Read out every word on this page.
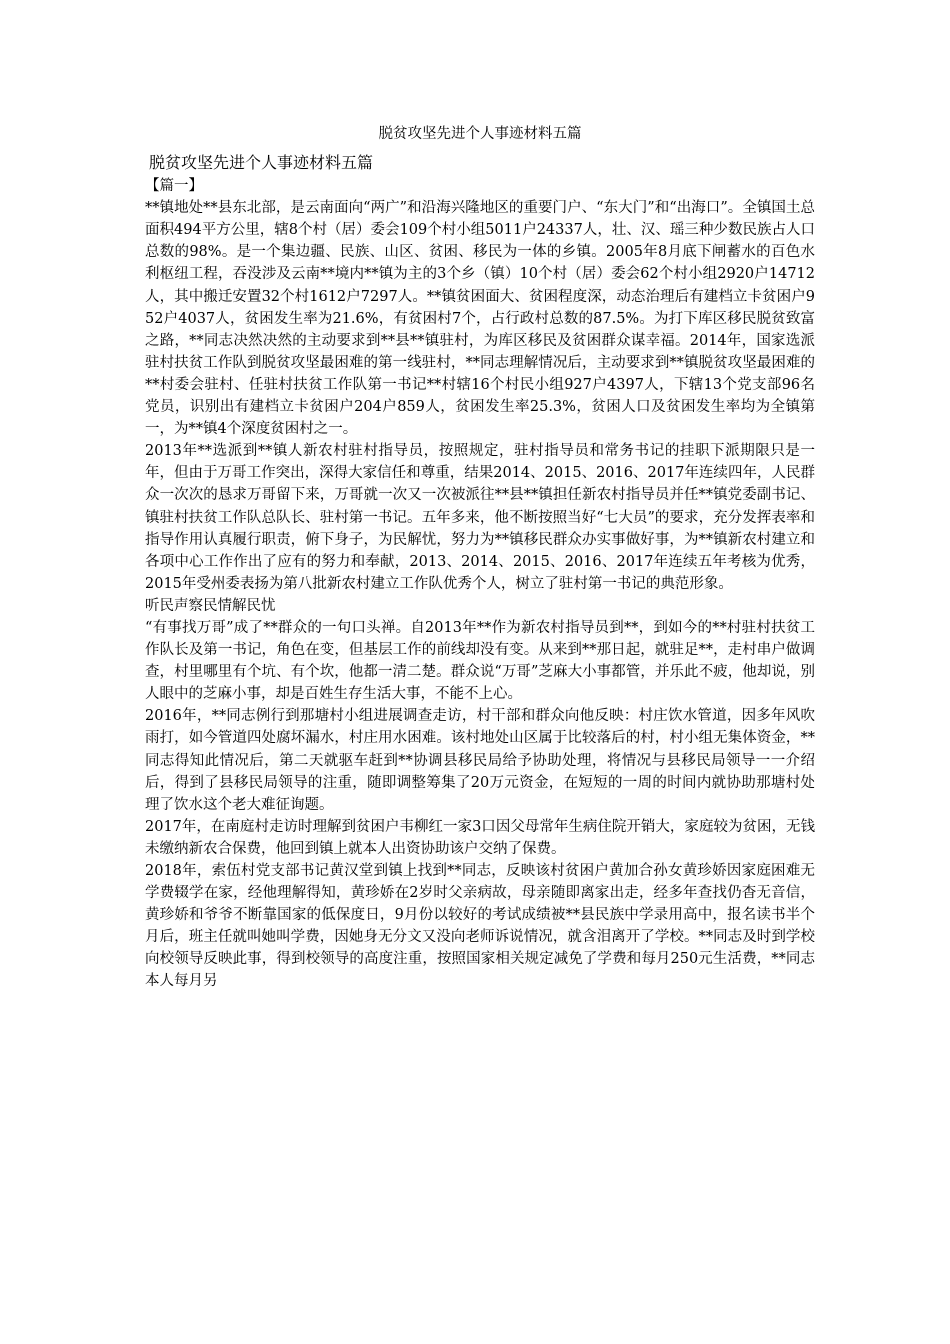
脱贫攻坚先进个人事迹材料五篇
脱贫攻坚先进个人事迹材料五篇
【篇一】

**镇地处**县东北部，是云南面向“两广”和沿海兴隆地区的重要门户、“东大门”和“出海口”。全镇国土总面积494平方公里，辖8个村（居）委会109个村小组5011户24337人，壮、汉、瑶三种少数民族占人口总数的98%。是一个集边疆、民族、山区、贫困、移民为一体的乡镇。2005年8月底下闸蓄水的百色水利枢纽工程，吞没涉及云南**境内**镇为主的3个乡（镇）10个村（居）委会62个村小组2920户14712人，其中搬迁安置32个村1612户7297人。**镇贫困面大、贫困程度深，动态治理后有建档立卡贫困户952户4037人，贫困发生率为21.6%，有贫困村7个，占行政村总数的87.5%。为打下库区移民脱贫致富之路，**同志决然决然的主动要求到**县**镇驻村，为库区移民及贫困群众谋幸福。2014年，国家选派驻村扶贫工作队到脱贫攻坚最困难的第一线驻村，**同志理解情况后，主动要求到**镇脱贫攻坚最困难的**村委会驻村、任驻村扶贫工作队第一书记**村辖16个村民小组927户4397人，下辖13个党支部96名党员，识别出有建档立卡贫困户204户859人，贫困发生率25.3%，贫困人口及贫困发生率均为全镇第一，为**镇4个深度贫困村之一。

2013年**选派到**镇人新农村驻村指导员，按照规定，驻村指导员和常务书记的挂职下派期限只是一年，但由于万哥工作突出，深得大家信任和尊重，结果2014、2015、2016、2017年连续四年，人民群众一次次的恳求万哥留下来，万哥就一次又一次被派往**县**镇担任新农村指导员并任**镇党委副书记、镇驻村扶贫工作队总队长、驻村第一书记。五年多来，他不断按照当好“七大员”的要求，充分发挥表率和指导作用认真履行职责，俯下身子，为民解忧，努力为**镇移民群众办实事做好事，为**镇新农村建立和各项中心工作作出了应有的努力和奉献，2013、2014、2015、2016、2017年连续五年考核为优秀，2015年受州委表扬为第八批新农村建立工作队优秀个人，树立了驻村第一书记的典范形象。

听民声察民情解民忧

“有事找万哥”成了**群众的一句口头禅。自2013年**作为新农村指导员到**，到如今的**村驻村扶贫工作队长及第一书记，角色在变，但基层工作的前线却没有变。从来到**那日起，就驻足**，走村串户做调查，村里哪里有个坑、有个坎，他都一清二楚。群众说“万哥”芝麻大小事都管，并乐此不疲，他却说，别人眼中的芝麻小事，却是百姓生存生活大事，不能不上心。

2016年，**同志例行到那塘村小组进展调查走访，村干部和群众向他反映：村庄饮水管道，因多年风吹雨打，如今管道四处腐坏漏水，村庄用水困难。该村地处山区属于比较落后的村，村小组无集体资金，**同志得知此情况后，第二天就驱车赶到**协调县移民局给予协助处理，将情况与县移民局领导一一介绍后，得到了县移民局领导的注重，随即调整筹集了20万元资金，在短短的一周的时间内就协助那塘村处理了饮水这个老大难征询题。

2017年，在南庭村走访时理解到贫困户韦柳红一家3口因父母常年生病住院开销大，家庭较为贫困，无钱未缴纳新农合保费，他回到镇上就本人出资协助该户交纳了保费。

2018年，索伍村党支部书记黄汉堂到镇上找到**同志，反映该村贫困户黄加合孙女黄珍娇因家庭困难无学费辍学在家，经他理解得知，黄珍娇在2岁时父亲病故，母亲随即离家出走，经多年查找仍杳无音信，黄珍娇和爷爷不断靠国家的低保度日，9月份以较好的考试成绩被**县民族中学录用高中，报名读书半个月后，班主任就叫她叫学费，因她身无分文又没向老师诉说情况，就含泪离开了学校。**同志及时到学校向校领导反映此事，得到校领导的高度注重，按照国家相关规定减免了学费和每月250元生活费，**同志本人每月另
